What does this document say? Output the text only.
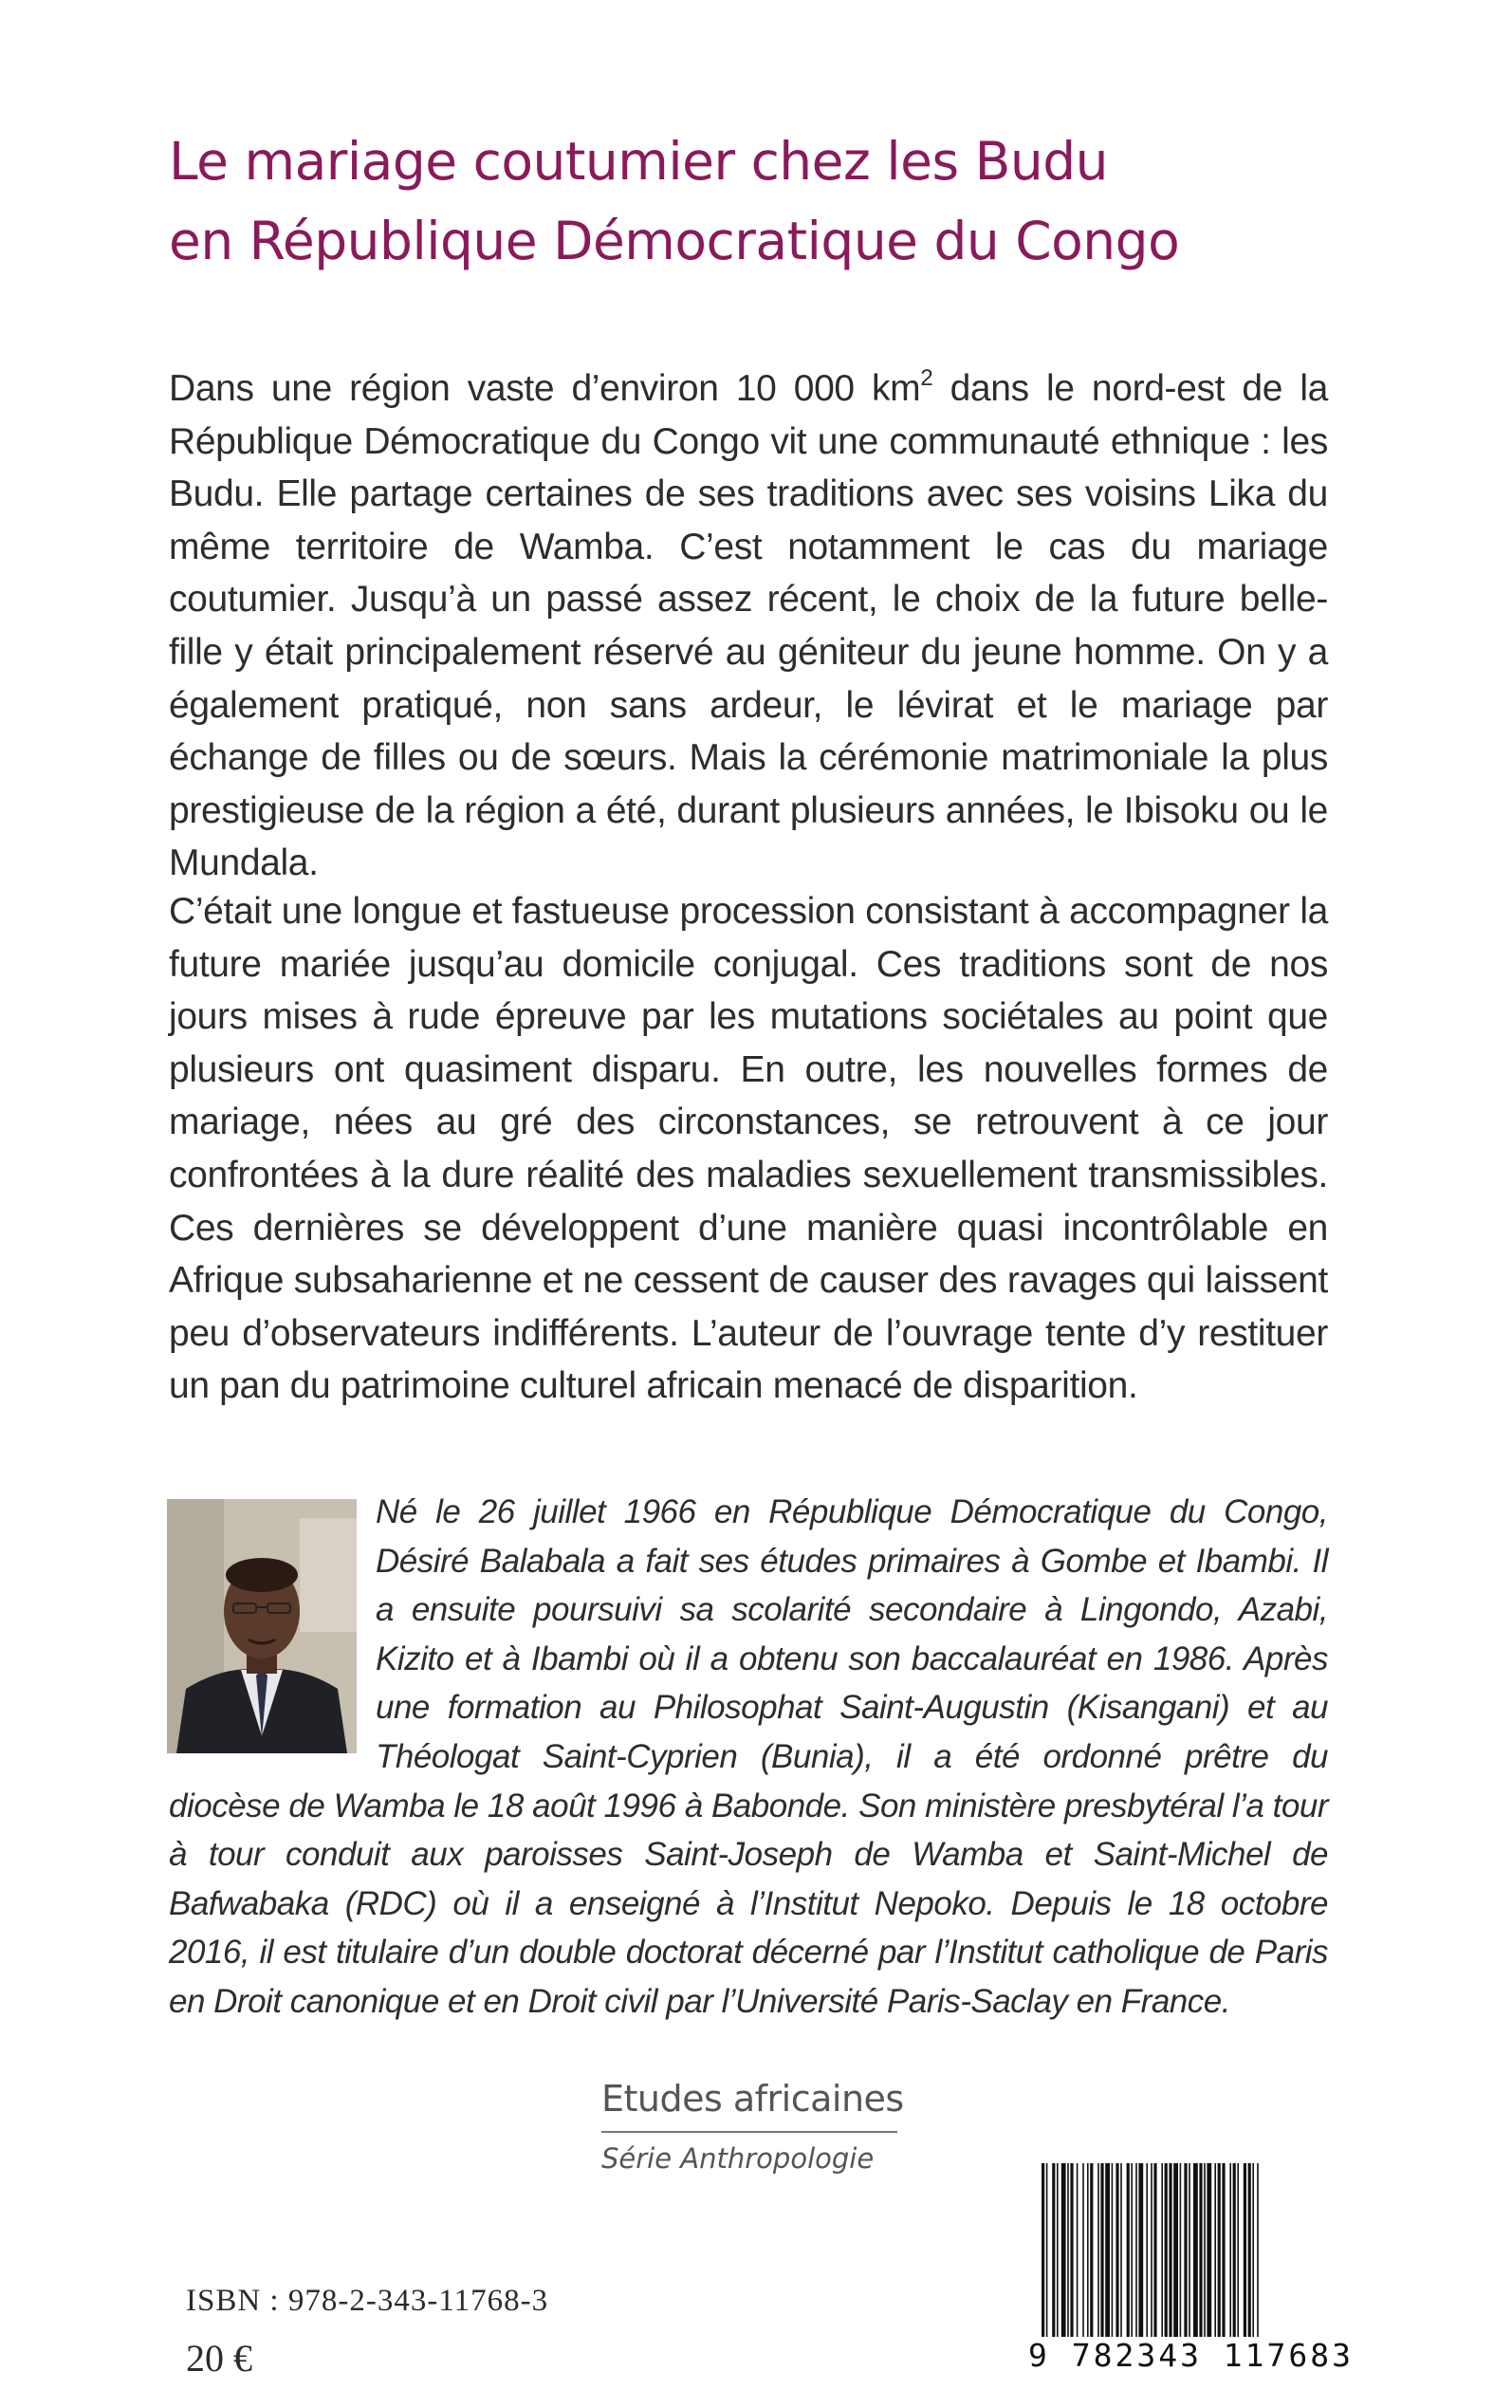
Le mariage coutumier chez les Budu
en République Démocratique du Congo

Dans une région vaste d’environ 10 000 $km^2$ dans le nord-est de la République Démocratique du Congo vit une communauté ethnique : les Budu. Elle partage certaines de ses traditions avec ses voisins Lika du même territoire de Wamba. C’est notamment le cas du mariage coutumier. Jusqu’à un passé assez récent, le choix de la future belle-fille y était principalement réservé au géniteur du jeune homme. On y a également pratiqué, non sans ardeur, le lévirat et le mariage par échange de filles ou de sœurs. Mais la cérémonie matrimoniale la plus prestigieuse de la région a été, durant plusieurs années, le Ibisoku ou le Mundala.

C’était une longue et fastueuse procession consistant à accompagner la future mariée jusqu’au domicile conjugal. Ces traditions sont de nos jours mises à rude épreuve par les mutations sociétales au point que plusieurs ont quasiment disparu. En outre, les nouvelles formes de mariage, nées au gré des circonstances, se retrouvent à ce jour confrontées à la dure réalité des maladies sexuellement transmissibles. Ces dernières se développent d’une manière quasi incontrôlable en Afrique subsaharienne et ne cessent de causer des ravages qui laissent peu d’observateurs indifférents. L’auteur de l’ouvrage tente d’y restituer un pan du patrimoine culturel africain menacé de disparition.

Né le 26 juillet 1966 en République Démocratique du Congo, Désiré Balabala a fait ses études primaires à Gombe et Ibambi. Il a ensuite poursuivi sa scolarité secondaire à Lingondo, Azabi, Kizito et à Ibambi où il a obtenu son baccalauréat en 1986. Après une formation au Philosophat Saint-Augustin (Kisangani) et au Théologat Saint-Cyprien (Bunia), il a été ordonné prêtre du diocèse de Wamba le 18 août 1996 à Babonde. Son ministère presbytéral l’a tour à tour conduit aux paroisses Saint-Joseph de Wamba et Saint-Michel de Bafwabaka (RDC) où il a enseigné à l’Institut Nepoko. Depuis le 18 octobre 2016, il est titulaire d’un double doctorat décerné par l’Institut catholique de Paris en Droit canonique et en Droit civil par l’Université Paris-Saclay en France.

Etudes africaines
Série Anthropologie
ISBN : 978-2-343-11768-3
20 €	9 782343 117683
